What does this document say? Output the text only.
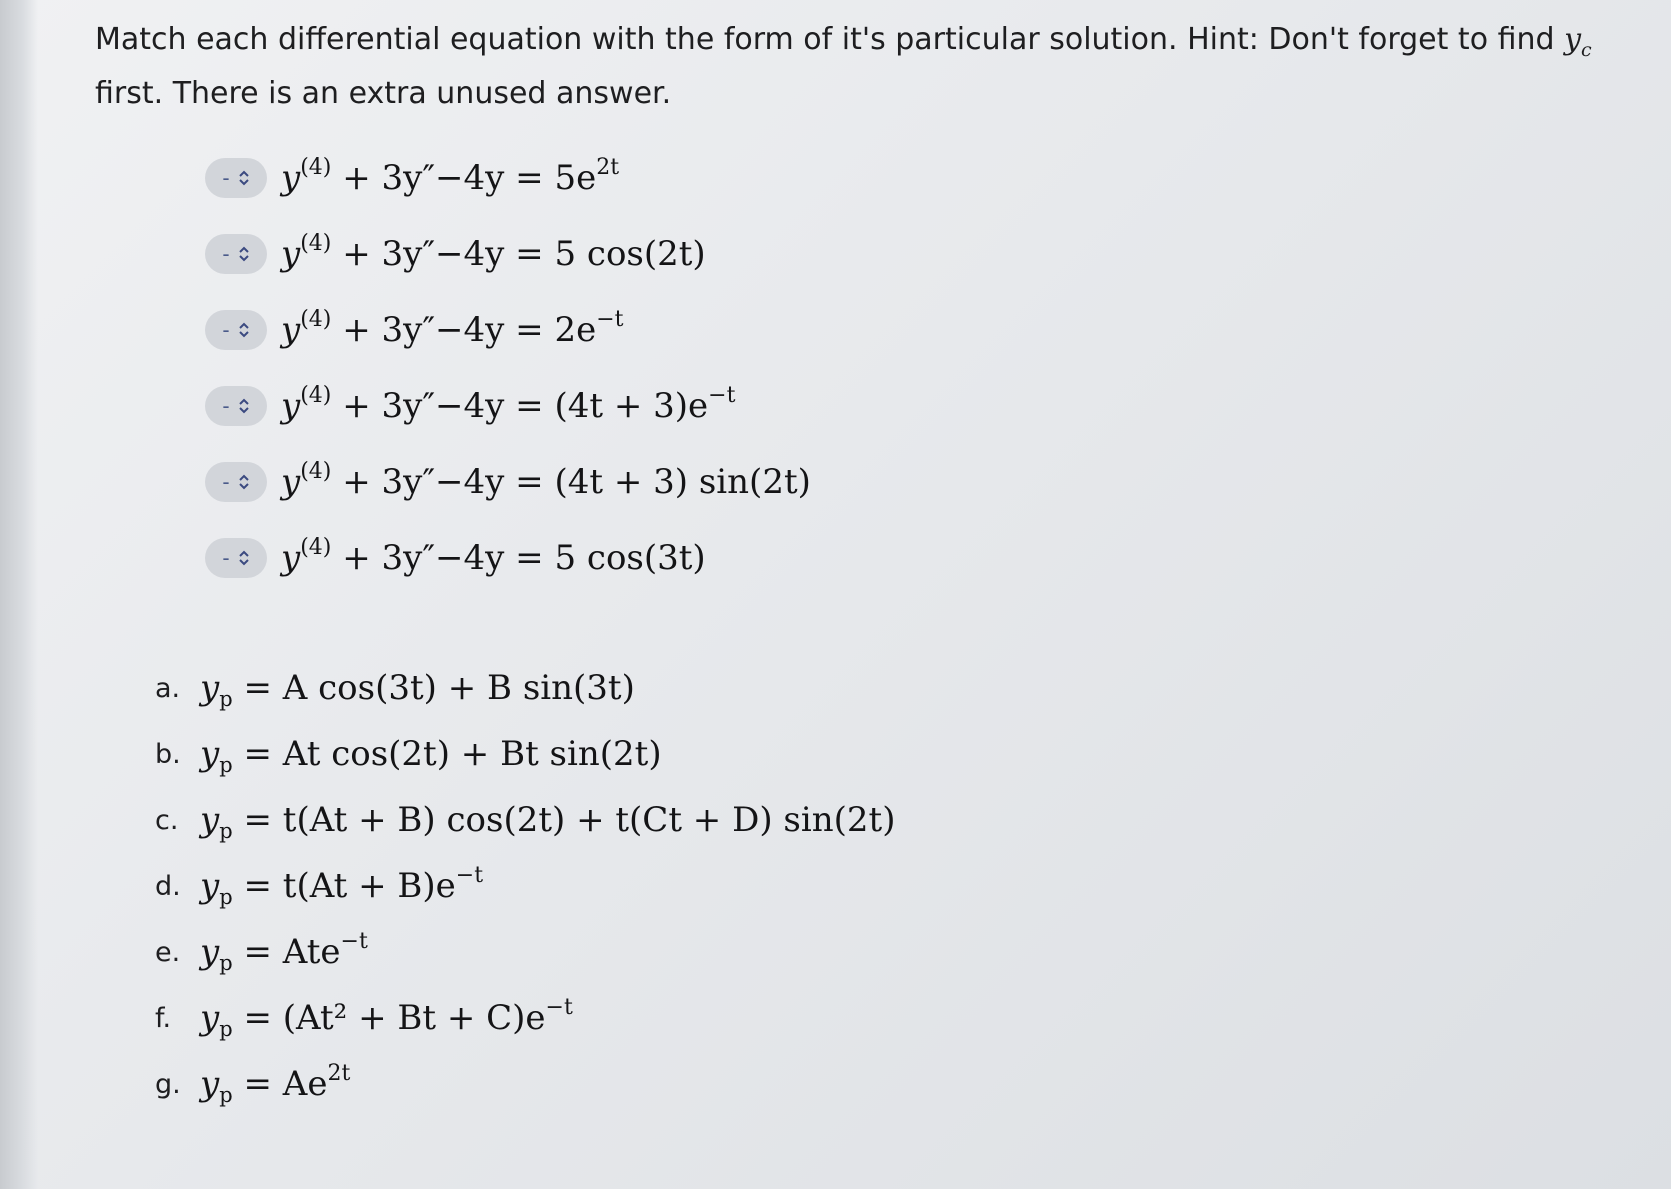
Match each differential equation with the form of it's particular solution. Hint: Don't forget to find $y_c$ first. There is an extra unused answer.
- $y^{(4)} + 3y''-4y = 5e^{2t}$
- $y^{(4)} + 3y''-4y = 5$ cos(2t)
- $y^{(4)} + 3y''-4y = 2e^{-t}$
- $y^{(4)} + 3y''-4y = (4t + 3)e^{-t}$
- $y^{(4)} + 3y''-4y = (4t + 3)$ sin(2t)
- $y^{(4)} + 3y''-4y = 5$ cos(3t)
a. $y_p = A$ cos(3t) + B sin(3t)
b. $y_p = At$ cos(2t) + Bt sin(2t)
c. $y_p = t(At + B) \cos(2t) + t(Ct + D)$ sin(2t)
d. $y_p = t(At + B)e^{-t}$
e. $y_p = Ate^{-t}$
f. $y_p = (At^2 + Bt + C)e^{-t}$
g. $y_p = Ae^{2t}$
